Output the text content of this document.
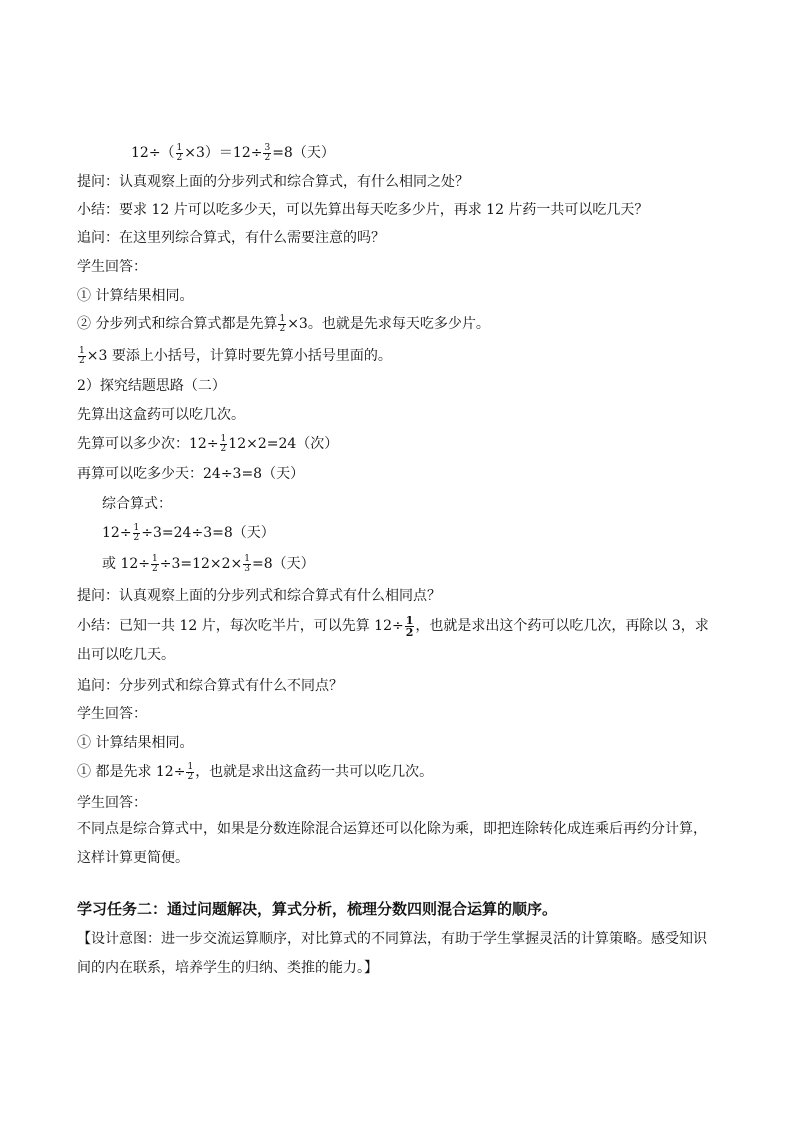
$12\div( \frac{1}{2} \times 3)=12\div \frac{3}{2} =8$（天）
提问：认真观察上面的分步列式和综合算式，有什么相同之处？
小结：要求 12 片可以吃多少天，可以先算出每天吃多少片，再求 12 片药一共可以吃几天？
追问：在这里列综合算式，有什么需要注意的吗？
学生回答：
① 计算结果相同。
② 分步列式和综合算式都是先算 $\frac{1}{2} \times 3$。也就是先求每天吃多少片。
$\frac{1}{2} \times 3$ 要添上小括号，计算时要先算小括号里面的。
2）探究结题思路（二）
先算出这盒药可以吃几次。
先算可以多少次：$12\div \frac{1}{2} 12\times 2=24$（次）
再算可以吃多少天：24÷3=8（天）
综合算式：
$12\div \frac{1}{2} \div 3=24\div 3=8$（天）
或 $12\div \frac{1}{2} \div 3=12\times 2\times \frac{1}{3} =8$（天）
提问：认真观察上面的分步列式和综合算式有什么相同点？
小结：已知一共 12 片，每次吃半片，可以先算 $12\div \frac{1}{2}$ ，也就是求出这个药可以吃几次，再除以 3，求出可以吃几天。
追问：分步列式和综合算式有什么不同点？
学生回答：
① 计算结果相同。
① 都是先求 $12\div \frac{1}{2}$ ，也就是求出这盒药一共可以吃几次。
学生回答：
不同点是综合算式中，如果是分数连除混合运算还可以化除为乘，即把连除转化成连乘后再约分计算，这样计算更简便。
学习任务二：通过问题解决，算式分析，梳理分数四则混合运算的顺序。
【设计意图：进一步交流运算顺序，对比算式的不同算法，有助于学生掌握灵活的计算策略。感受知识间的内在联系，培养学生的归纳、类推的能力。】
